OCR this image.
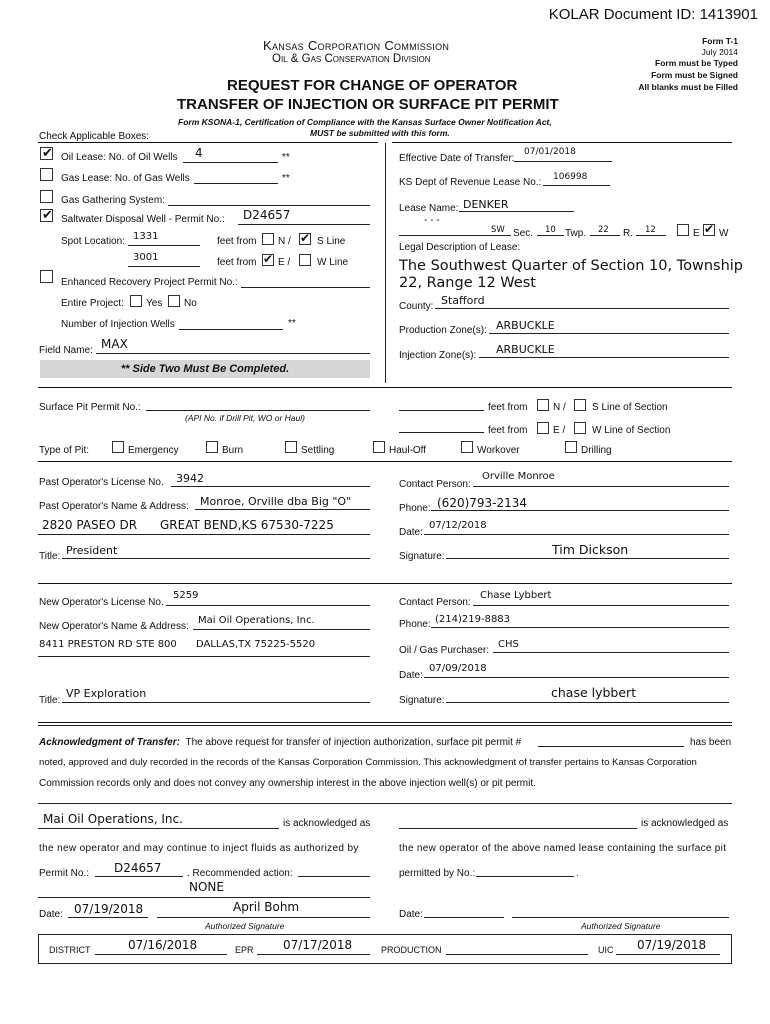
KOLAR Document ID: 1413901
Kansas Corporation Commission
Oil & Gas Conservation Division
Form T-1
July 2014
Form must be Typed
Form must be Signed
All blanks must be Filled
REQUEST FOR CHANGE OF OPERATOR
TRANSFER OF INJECTION OR SURFACE PIT PERMIT
Form KSONA-1, Certification of Compliance with the Kansas Surface Owner Notification Act,
MUST be submitted with this form.
Check Applicable Boxes:
✔
Oil Lease: No. of Oil Wells 4	**
Gas Lease: No. of Gas Wells	**
Gas Gathering System:
✔
Saltwater Disposal Well - Permit No.: D24657
Spot Location: 1331	feet from N / ✔	S Line
3001	feet from ✔ E /	W Line
Enhanced Recovery Project Permit No.:
Entire Project: Yes No
Number of Injection Wells	**
Field Name: MAX
** Side Two Must Be Completed.
Effective Date of Transfer:
07/01/2018
KS Dept of Revenue Lease No.: 106998
Lease Name: DENKER
- - -
SW Sec. 10 Twp. 22 R. 12	E ✔ W
Legal Description of Lease:
The Southwest Quarter of Section 10, Township
22, Range 12 West
County: Stafford
Production Zone(s): ARBUCKLE
Injection Zone(s): ARBUCKLE
Surface Pit Permit No.:
(API No. if Drill Pit, WO or Haul)
feet from	N /	S Line of Section
feet from	E /	W Line of Section
Type of Pit:	Emergency	Burn	Settling	Haul-Off	Workover	Drilling
Past Operator's License No. 3942
Past Operator's Name & Address: Monroe, Orville dba Big "O"
2820 PASEO DR GREAT BEND,KS 67530-7225
Title: President
Contact Person:
Orville Monroe
Phone: (620)793-2134
Date:
07/12/2018
Signature:	Tim Dickson
New Operator's License No.
5259
New Operator's Name & Address:
Mai Oil Operations, Inc.
8411 PRESTON RD STE 800 DALLAS,TX 75225-5520
Title:
VP Exploration
Contact Person:
Chase Lybbert
Phone: (214)219-8883
Oil / Gas Purchaser:
CHS
Date:
07/09/2018
Signature:
chase lybbert
Acknowledgment of Transfer: The above request for transfer of injection authorization, surface pit permit #	has been
noted, approved and duly recorded in the records of the Kansas Corporation Commission. This acknowledgment of transfer pertains to Kansas Corporation
Commission records only and does not convey any ownership interest in the above injection well(s) or pit permit.
Mai Oil Operations, Inc.	is acknowledged as	is acknowledged as
the new operator and may continue to inject fluids as authorized by	the new operator of the above named lease containing the surface pit
Permit No.: D24657	. Recommended action:
NONE
permitted by No.:	.
Date: 07/19/2018	April Bohm
Authorized Signature
Date:
Authorized Signature
DISTRICT	07/16/2018	EPR 07/17/2018	PRODUCTION	UIC 07/19/2018
